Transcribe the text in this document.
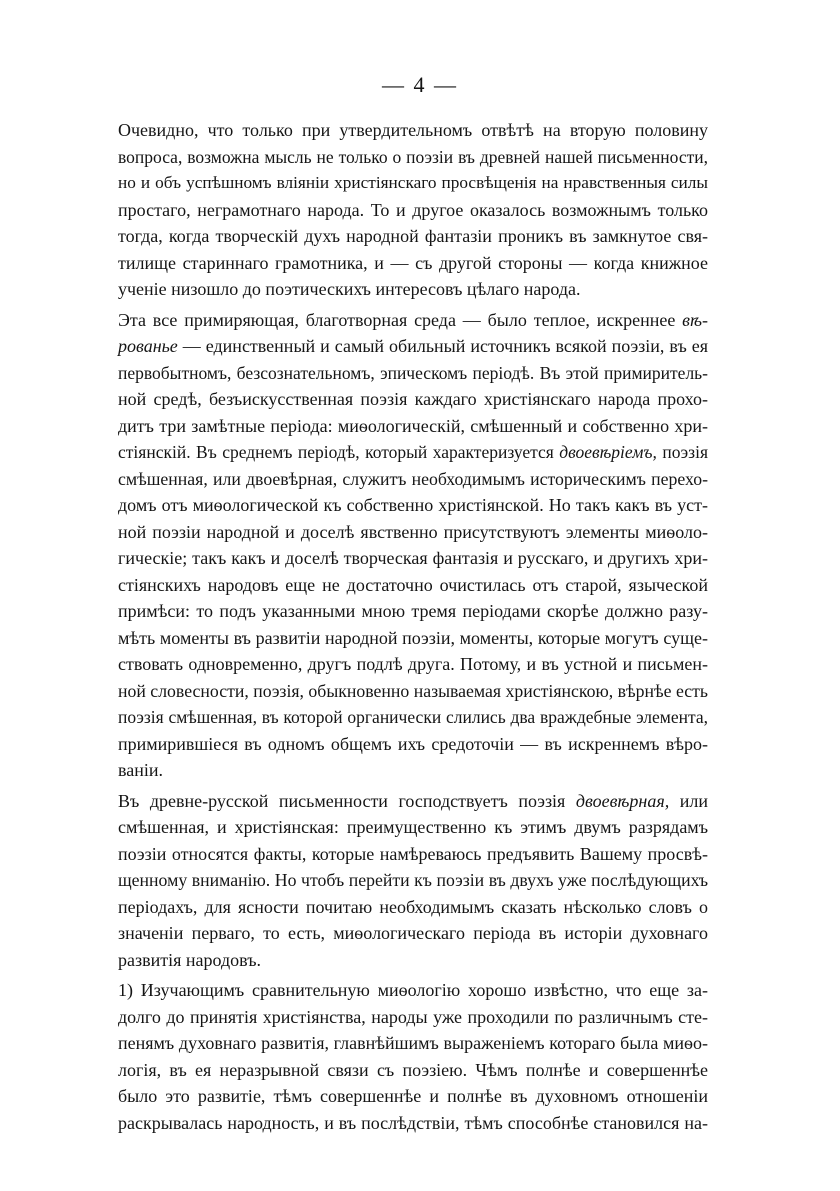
— 4 —
Очевидно, что только при утвердительномъ отвѣтѣ на вторую половину
вопроса, возможна мысль не только о поэзіи въ древней нашей письменности,
но и объ успѣшномъ вліяніи христіянскаго просвѣщенія на нравственныя силы
простаго, неграмотнаго народа. То и другое оказалось возможнымъ только
тогда, когда творческій духъ народной фантазіи проникъ въ замкнутое свя-
тилище стариннаго грамотника, и — съ другой стороны — когда книжное
ученіе низошло до поэтическихъ интересовъ цѣлаго народа.
Эта все примиряющая, благотворная среда — было теплое, искреннее вѣ-
рованье — единственный и самый обильный источникъ всякой поэзіи, въ ея
первобытномъ, безсознательномъ, эпическомъ періодѣ. Въ этой примиритель-
ной средѣ, безъискусственная поэзія каждаго христіянскаго народа прохо-
дитъ три замѣтные періода: миѳологическій, смѣшенный и собственно хри-
стіянскій. Въ среднемъ періодѣ, который характеризуется двоевѣріемъ, поэзія
смѣшенная, или двоевѣрная, служитъ необходимымъ историческимъ перехо-
домъ отъ миѳологической къ собственно христіянской. Но такъ какъ въ уст-
ной поэзіи народной и доселѣ явственно присутствуютъ элементы миѳоло-
гическіе; такъ какъ и доселѣ творческая фантазія и русскаго, и другихъ хри-
стіянскихъ народовъ еще не достаточно очистилась отъ старой, языческой
примѣси: то подъ указанными мною тремя періодами скорѣе должно разу-
мѣть моменты въ развитіи народной поэзіи, моменты, которые могутъ суще-
ствовать одновременно, другъ подлѣ друга. Потому, и въ устной и письмен-
ной словесности, поэзія, обыкновенно называемая христіянскою, вѣрнѣе есть
поэзія смѣшенная, въ которой органически слились два враждебные элемента,
примирившіеся въ одномъ общемъ ихъ средоточіи — въ искреннемъ вѣро-
ваніи.
Въ древне-русской письменности господствуетъ поэзія двоевѣрная, или
смѣшенная, и христіянская: преимущественно къ этимъ двумъ разрядамъ
поэзіи относятся факты, которые намѣреваюсь предъявить Вашему просвѣ-
щенному вниманію. Но чтобъ перейти къ поэзіи въ двухъ уже послѣдующихъ
періодахъ, для ясности почитаю необходимымъ сказать нѣсколько словъ о
значеніи перваго, то есть, миѳологическаго періода въ исторіи духовнаго
развитія народовъ.
1) Изучающимъ сравнительную миѳологію хорошо извѣстно, что еще за-
долго до принятія христіянства, народы уже проходили по различнымъ сте-
пенямъ духовнаго развитія, главнѣйшимъ выраженіемъ котораго была миѳо-
логія, въ ея неразрывной связи съ поэзіею. Чѣмъ полнѣе и совершеннѣе
было это развитіе, тѣмъ совершеннѣе и полнѣе въ духовномъ отношеніи
раскрывалась народность, и въ послѣдствіи, тѣмъ способнѣе становился на-
